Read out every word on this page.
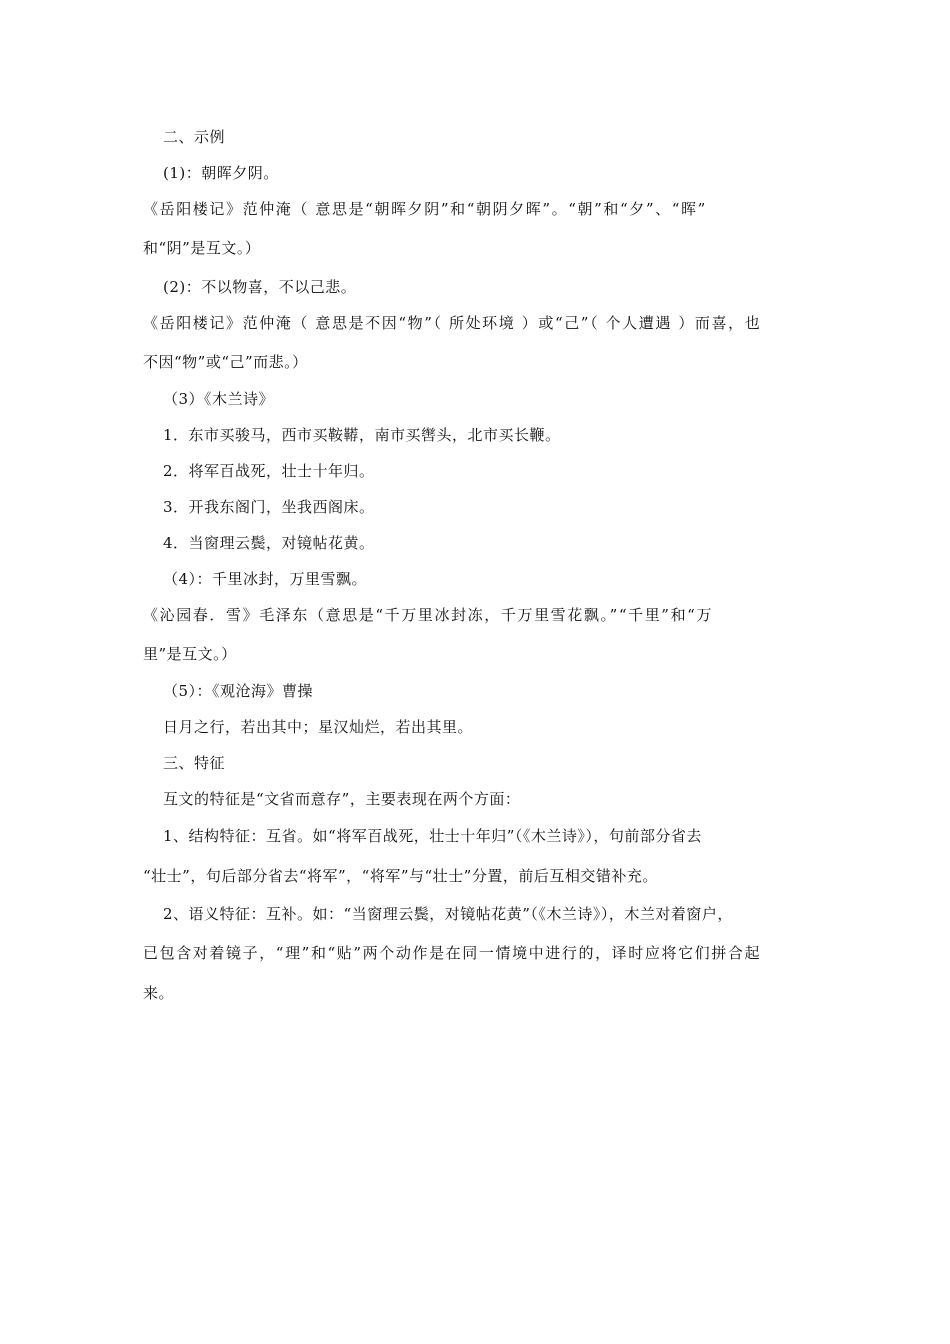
二、示例
(1)：朝晖夕阴。
《岳阳楼记》范仲淹（ 意思是“朝晖夕阴”和“朝阴夕晖”。“朝”和“夕”、“晖”
和“阴”是互文。）
(2)：不以物喜，不以己悲。
《岳阳楼记》范仲淹（ 意思是不因“物”（ 所处环境 ）或“己”（ 个人遭遇 ）而喜，也
不因“物”或“己”而悲。）
（3）《木兰诗》
1．东市买骏马，西市买鞍鞯，南市买辔头，北市买长鞭。
2．将军百战死，壮士十年归。
3．开我东阁门，坐我西阁床。
4．当窗理云鬓，对镜帖花黄。
（4）：千里冰封，万里雪飘。
《沁园春．雪》毛泽东（意思是“千万里冰封冻，千万里雪花飘。”“千里”和“万
里”是互文。）
（5）：《观沧海》曹操
日月之行，若出其中；星汉灿烂，若出其里。
三、特征
互文的特征是“文省而意存”，主要表现在两个方面：
1、结构特征：互省。如“将军百战死，壮士十年归”（《木兰诗》），句前部分省去
“壮士”，句后部分省去“将军”，“将军”与“壮士”分置，前后互相交错补充。
2、语义特征：互补。如：“当窗理云鬓，对镜帖花黄”（《木兰诗》），木兰对着窗户，
已包含对着镜子，“理”和“贴”两个动作是在同一情境中进行的，译时应将它们拼合起
来。
